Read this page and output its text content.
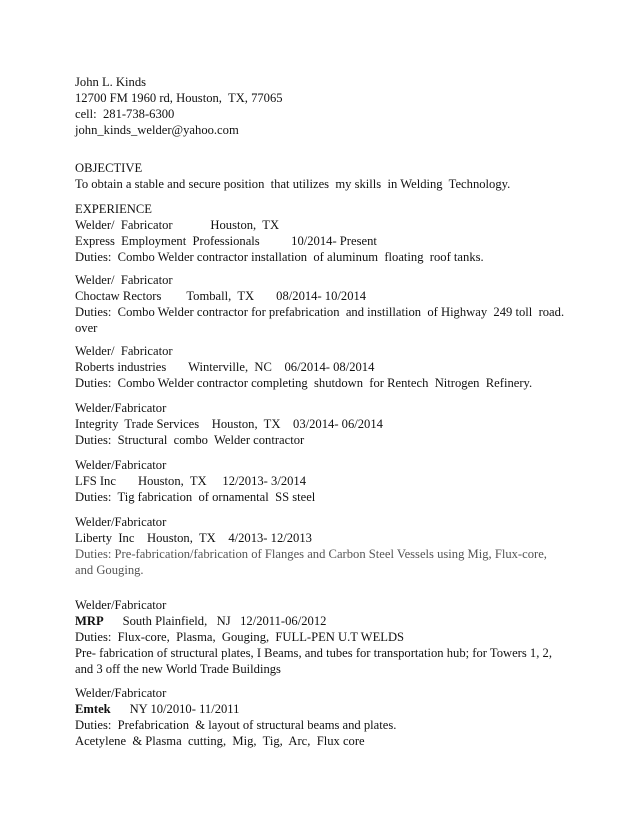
John L. Kinds
12700 FM 1960 rd, Houston,  TX, 77065
cell:  281-738-6300
john_kinds_welder@yahoo.com
OBJECTIVE
To obtain a stable and secure position  that utilizes  my skills  in Welding  Technology.
EXPERIENCE
Welder/  Fabricator            Houston,  TX
Express  Employment  Professionals          10/2014- Present
Duties:  Combo Welder contractor installation  of aluminum  floating  roof tanks.
Welder/  Fabricator
Choctaw Rectors        Tomball,  TX       08/2014- 10/2014
Duties:  Combo Welder contractor for prefabrication  and instillation  of Highway  249 toll  road.
over
Welder/  Fabricator
Roberts industries       Winterville,  NC    06/2014- 08/2014
Duties:  Combo Welder contractor completing  shutdown  for Rentech  Nitrogen  Refinery.
Welder/Fabricator
Integrity  Trade Services    Houston,  TX    03/2014- 06/2014
Duties:  Structural  combo  Welder contractor
Welder/Fabricator
LFS Inc       Houston,  TX     12/2013- 3/2014
Duties:  Tig fabrication  of ornamental  SS steel
Welder/Fabricator
Liberty  Inc    Houston,  TX    4/2013- 12/2013
Duties: Pre-fabrication/fabrication of Flanges and Carbon Steel Vessels using Mig, Flux-core, and Gouging.
Welder/Fabricator
MRP      South Plainfield,   NJ   12/2011-06/2012
Duties:  Flux-core,  Plasma,  Gouging,  FULL-PEN U.T WELDS
Pre- fabrication of structural plates, I Beams, and tubes for transportation hub; for Towers 1, 2, and 3 off the new World Trade Buildings
Welder/Fabricator
Emtek      NY 10/2010- 11/2011
Duties:  Prefabrication  & layout of structural beams and plates.
Acetylene  & Plasma  cutting,  Mig,  Tig,  Arc,  Flux core
